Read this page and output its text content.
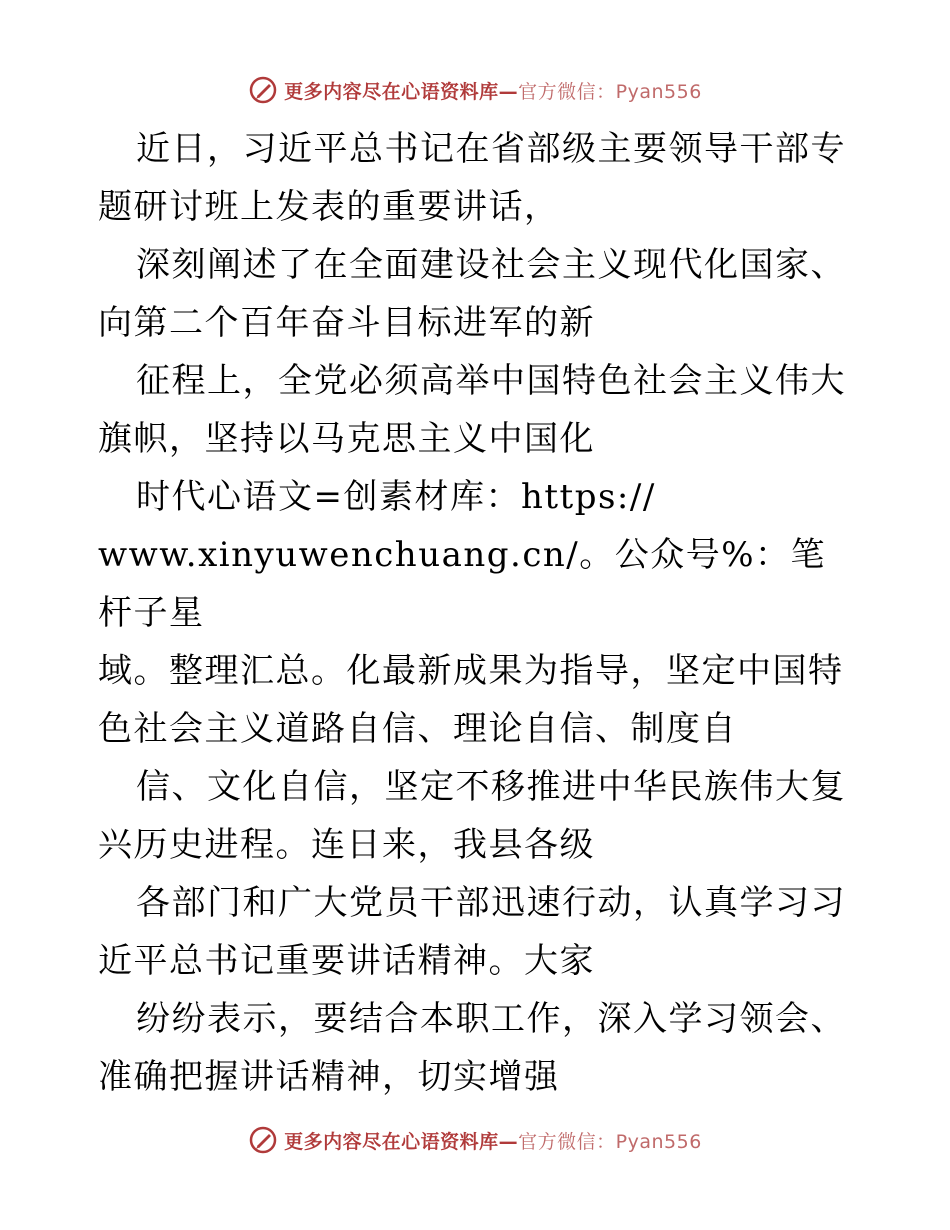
更多内容尽在心语资料库— 官方微信：Pyan556

近日，习近平总书记在省部级主要领导干部专题研讨班上发表的重要讲话，

深刻阐述了在全面建设社会主义现代化国家、向第二个百年奋斗目标进军的新

征程上，全党必须高举中国特色社会主义伟大旗帜，坚持以马克思主义中国化

时代心语文=创素材库：https://

www.xinyuwenchuang.cn/。公众号%：笔杆子星

域。整理汇总。化最新成果为指导，坚定中国特色社会主义道路自信、理论自信、制度自

信、文化自信，坚定不移推进中华民族伟大复兴历史进程。连日来，我县各级

各部门和广大党员干部迅速行动，认真学习习近平总书记重要讲话精神。大家

纷纷表示，要结合本职工作，深入学习领会、准确把握讲话精神，切实增强

更多内容尽在心语资料库— 官方微信：Pyan556
